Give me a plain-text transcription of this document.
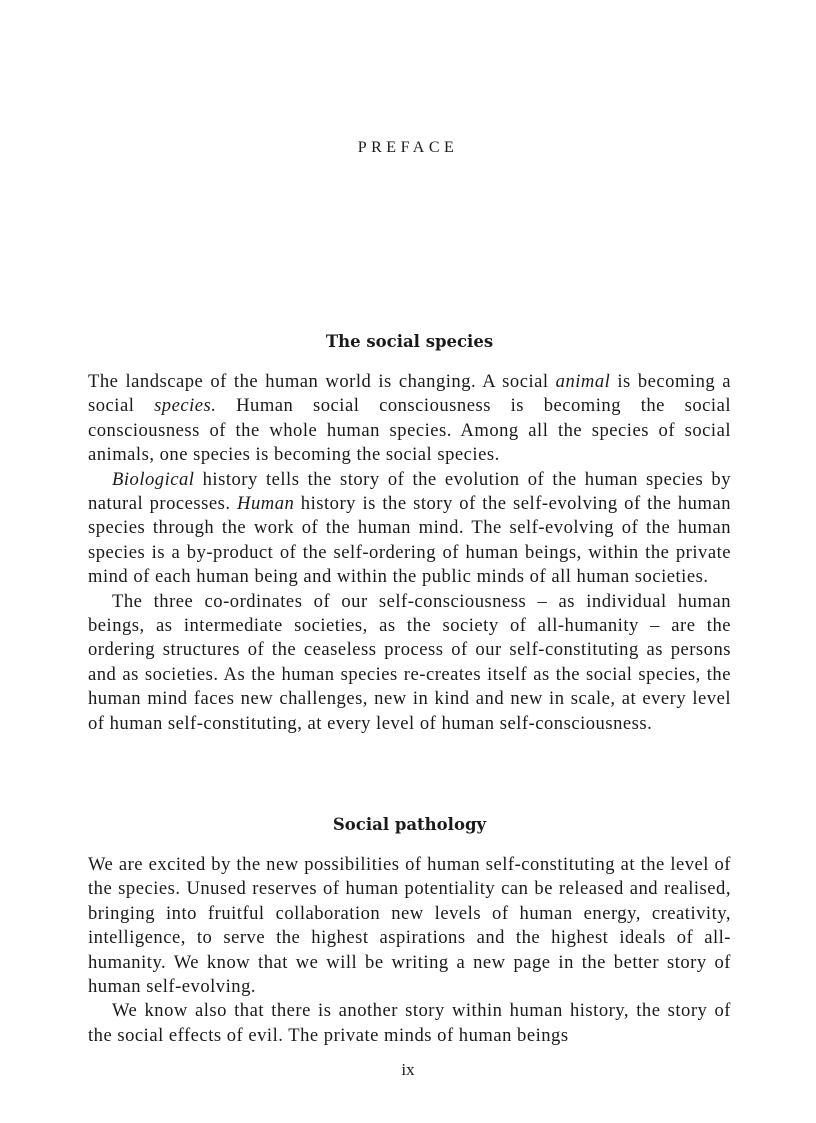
PREFACE
The social species

The landscape of the human world is changing. A social animal is becoming a social species. Human social consciousness is becoming the social consciousness of the whole human species. Among all the species of social animals, one species is becoming the social species.

Biological history tells the story of the evolution of the human species by natural processes. Human history is the story of the self-evolving of the human species through the work of the human mind. The self-evolving of the human species is a by-product of the self-ordering of human beings, within the private mind of each human being and within the public minds of all human societies.

The three co-ordinates of our self-consciousness – as individual human beings, as intermediate societies, as the society of all-humanity – are the ordering structures of the ceaseless process of our self-constituting as persons and as societies. As the human species re-creates itself as the social species, the human mind faces new challenges, new in kind and new in scale, at every level of human self-constituting, at every level of human self-consciousness.

Social pathology

We are excited by the new possibilities of human self-constituting at the level of the species. Unused reserves of human potentiality can be released and realised, bringing into fruitful collaboration new levels of human energy, creativity, intelligence, to serve the highest aspirations and the highest ideals of all-humanity. We know that we will be writing a new page in the better story of human self-evolving.

We know also that there is another story within human history, the story of the social effects of evil. The private minds of human beings

ix
